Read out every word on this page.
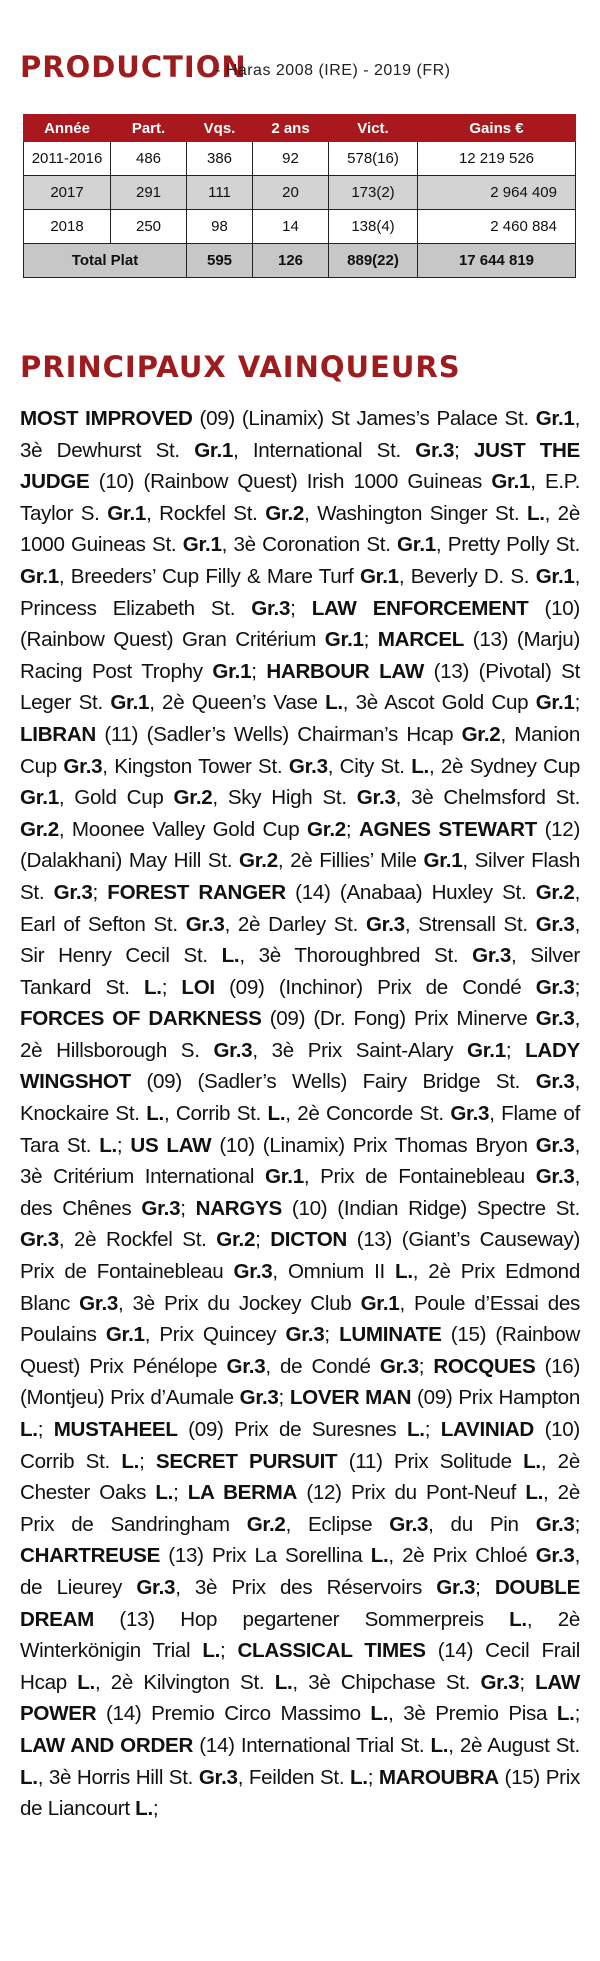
PRODUCTION
- Haras 2008 (IRE) - 2019 (FR)
Année	Part.	Vqs.	2 ans	Vict.	Gains €
2011-2016	486	386	92	578(16)	12 219 526
2017	291	111	20	173(2)	2 964 409
2018	250	98	14	138(4)	2 460 884
Total Plat		595	126	889(22)	17 644 819
PRINCIPAUX VAINQUEURS
MOST IMPROVED (09) (Linamix) St James’s Palace St. Gr.1, 3è Dewhurst St. Gr.1, International St. Gr.3; JUST THE JUDGE (10) (Rainbow Quest) Irish 1000 Guineas Gr.1, E.P. Taylor S. Gr.1, Rockfel St. Gr.2, Washington Singer St. L., 2è 1000 Guineas St. Gr.1, 3è Coronation St. Gr.1, Pretty Polly St. Gr.1, Breeders’ Cup Filly & Mare Turf Gr.1, Beverly D. S. Gr.1, Princess Elizabeth St. Gr.3; LAW ENFORCEMENT (10) (Rainbow Quest) Gran Critérium Gr.1; MARCEL (13) (Marju) Racing Post Trophy Gr.1; HARBOUR LAW (13) (Pivotal) St Leger St. Gr.1, 2è Queen’s Vase L., 3è Ascot Gold Cup Gr.1; LIBRAN (11) (Sadler’s Wells) Chairman’s Hcap Gr.2, Manion Cup Gr.3, Kingston Tower St. Gr.3, City St. L., 2è Sydney Cup Gr.1, Gold Cup Gr.2, Sky High St. Gr.3, 3è Chelmsford St. Gr.2, Moonee Valley Gold Cup Gr.2; AGNES STEWART (12) (Dalakhani) May Hill St. Gr.2, 2è Fillies’ Mile Gr.1, Silver Flash St. Gr.3; FOREST RANGER (14) (Anabaa) Huxley St. Gr.2, Earl of Sefton St. Gr.3, 2è Darley St. Gr.3, Strensall St. Gr.3, Sir Henry Cecil St. L., 3è Thoroughbred St. Gr.3, Silver Tankard St. L.; LOI (09) (Inchinor) Prix de Condé Gr.3; FORCES OF DARKNESS (09) (Dr. Fong) Prix Minerve Gr.3, 2è Hillsborough S. Gr.3, 3è Prix Saint-Alary Gr.1; LADY WINGSHOT (09) (Sadler’s Wells) Fairy Bridge St. Gr.3, Knockaire St. L., Corrib St. L., 2è Concorde St. Gr.3, Flame of Tara St. L.; US LAW (10) (Linamix) Prix Thomas Bryon Gr.3, 3è Critérium International Gr.1, Prix de Fontainebleau Gr.3, des Chênes Gr.3; NARGYS (10) (Indian Ridge) Spectre St. Gr.3, 2è Rockfel St. Gr.2; DICTON (13) (Giant’s Causeway) Prix de Fontainebleau Gr.3, Omnium II L., 2è Prix Edmond Blanc Gr.3, 3è Prix du Jockey Club Gr.1, Poule d’Essai des Poulains Gr.1, Prix Quincey Gr.3; LUMINATE (15) (Rainbow Quest) Prix Pénélope Gr.3, de Condé Gr.3; ROCQUES (16) (Montjeu) Prix d’Aumale Gr.3; LOVER MAN (09) Prix Hampton L.; MUSTAHEEL (09) Prix de Suresnes L.; LAVINIAD (10) Corrib St. L.; SECRET PURSUIT (11) Prix Solitude L., 2è Chester Oaks L.; LA BERMA (12) Prix du Pont-Neuf L., 2è Prix de Sandringham Gr.2, Eclipse Gr.3, du Pin Gr.3; CHARTREUSE (13) Prix La Sorellina L., 2è Prix Chloé Gr.3, de Lieurey Gr.3, 3è Prix des Réservoirs Gr.3; DOUBLE DREAM (13) Hop pegartener Sommerpreis L., 2è Winterkönigin Trial L.; CLASSICAL TIMES (14) Cecil Frail Hcap L., 2è Kilvington St. L., 3è Chipchase St. Gr.3; LAW POWER (14) Premio Circo Massimo L., 3è Premio Pisa L.; LAW AND ORDER (14) International Trial St. L., 2è August St. L., 3è Horris Hill St. Gr.3, Feilden St. L.; MAROUBRA (15) Prix de Liancourt L.;
